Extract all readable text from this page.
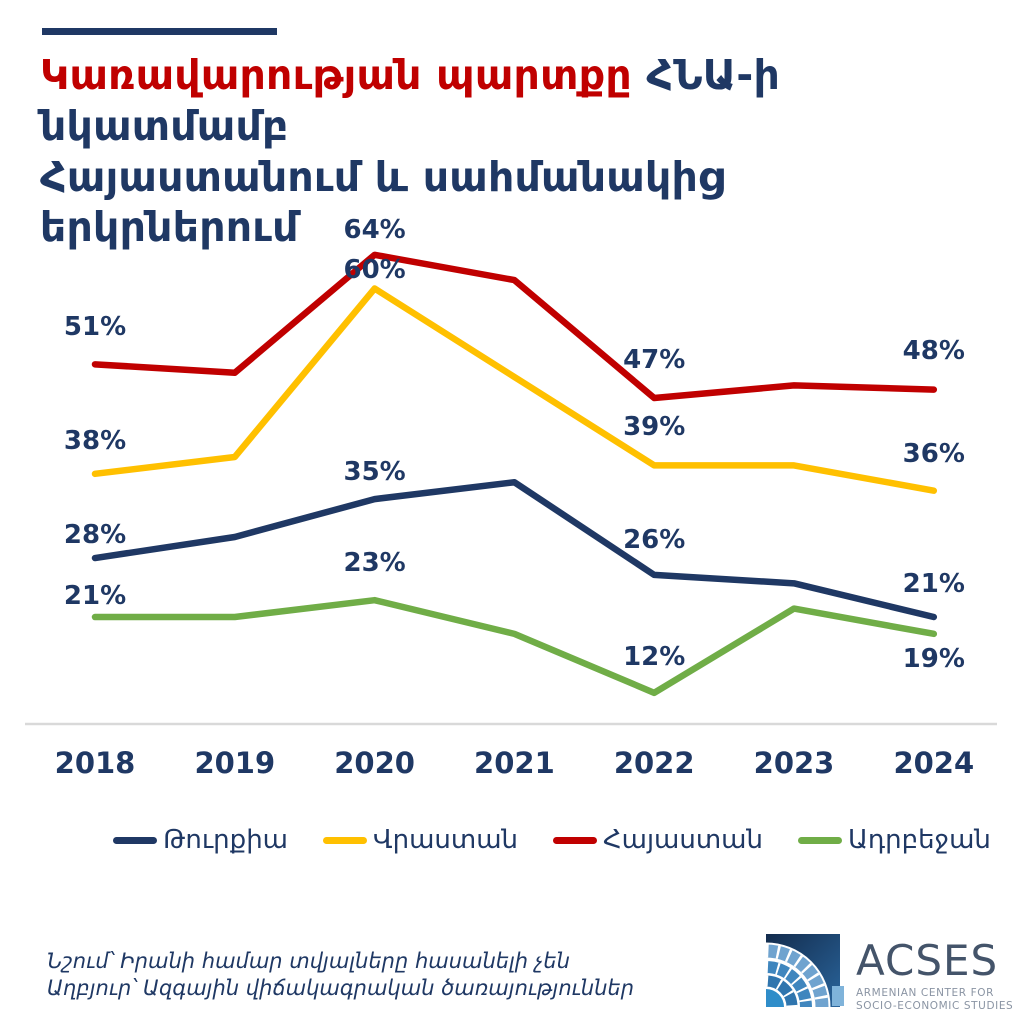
Կառավարության պարտքը ՀՆԱ-ի նկատմամբ
Հայաստանում և սահմանակից երկրներում
28%
35%
26%
21%
38%
60%
39%
36%
51%
64%
47%	48%
21%
23%
12%	19%
2018 2019 2020 2021 2022 2023 2024
Թուրքիա	Վրաստան	Հայաստան	Ադրբեջան
Նշում՝ Իրանի համար տվյալները հասանելի չեն
Աղբյուր՝ Ազգային վիճակագրական ծառայություններ
ACSES
ARMENIAN CENTER FOR
SOCIO-ECONOMIC STUDIES
